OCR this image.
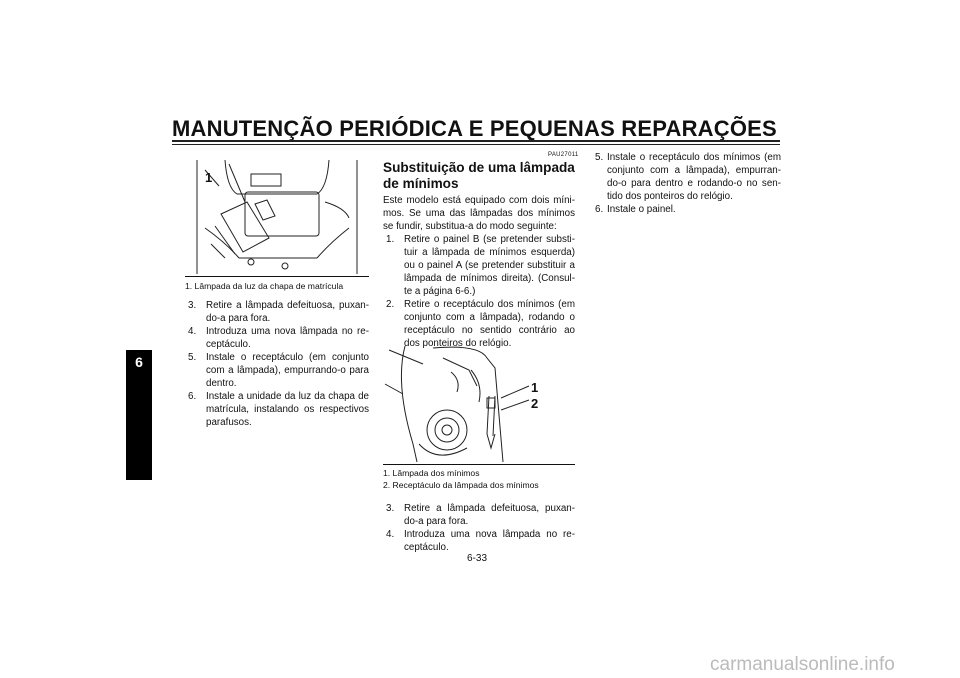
MANUTENÇÃO PERIÓDICA E PEQUENAS REPARAÇÕES
6
1
1. Lâmpada da luz da chapa de matrícula
3. Retire a lâmpada defeituosa, puxan-do-a para fora.
4. Introduza uma nova lâmpada no re-ceptáculo.
5. Instale o receptáculo (em conjunto com a lâmpada), empurrando-o para dentro.
6. Instale a unidade da luz da chapa de matrícula, instalando os respectivos parafusos.
PAU27011
Substituição de uma lâmpada de mínimos
Este modelo está equipado com dois míni-mos. Se uma das lâmpadas dos mínimos se fundir, substitua-a do modo seguinte:
1. Retire o painel B (se pretender substi-tuir a lâmpada de mínimos esquerda) ou o painel A (se pretender substituir a lâmpada de mínimos direita). (Consul-te a página 6-6.)
2. Retire o receptáculo dos mínimos (em conjunto com a lâmpada), rodando o receptáculo no sentido contrário ao dos ponteiros do relógio.
1
2
1. Lâmpada dos mínimos
2. Receptáculo da lâmpada dos mínimos
3. Retire a lâmpada defeituosa, puxan-do-a para fora.
4. Introduza uma nova lâmpada no re-ceptáculo.
5. Instale o receptáculo dos mínimos (em conjunto com a lâmpada), empurran-do-o para dentro e rodando-o no sen-tido dos ponteiros do relógio.
6. Instale o painel.
6-33
carmanualsonline.info
